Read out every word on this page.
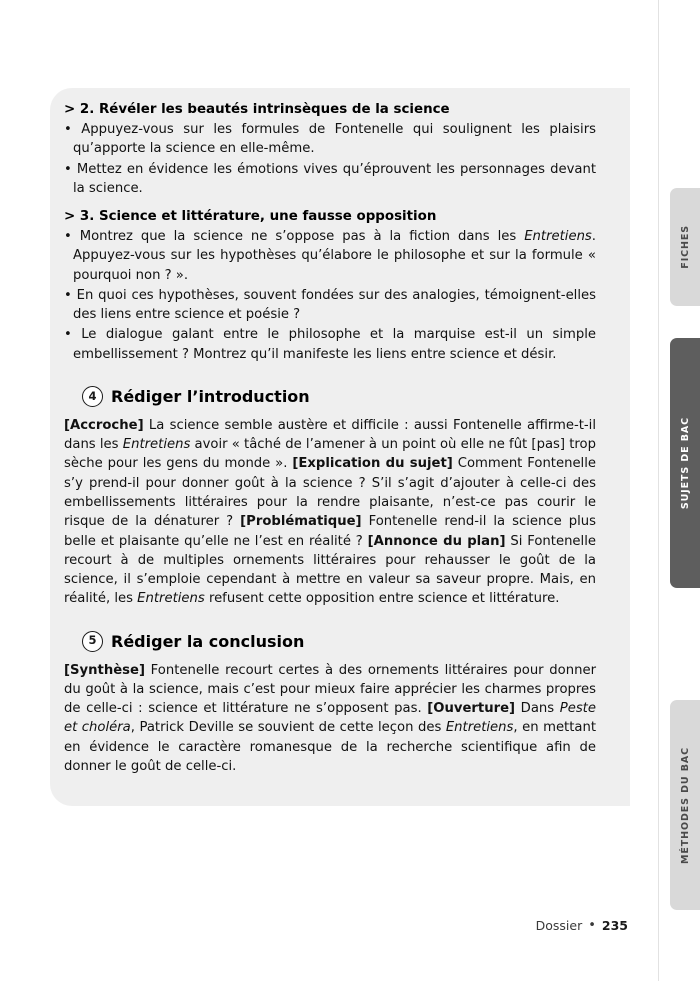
> 2. Révéler les beautés intrinsèques de la science

• Appuyez-vous sur les formules de Fontenelle qui soulignent les plaisirs qu’apporte la science en elle-même.

• Mettez en évidence les émotions vives qu’éprouvent les personnages devant la science.

> 3. Science et littérature, une fausse opposition

• Montrez que la science ne s’oppose pas à la fiction dans les Entretiens. Appuyez-vous sur les hypothèses qu’élabore le philosophe et sur la formule « pourquoi non ? ».

• En quoi ces hypothèses, souvent fondées sur des analogies, témoignent-elles des liens entre science et poésie ?

• Le dialogue galant entre le philosophe et la marquise est-il un simple embellissement ? Montrez qu’il manifeste les liens entre science et désir.

4 Rédiger l’introduction

[Accroche] La science semble austère et difficile : aussi Fontenelle affirme-t-il dans les Entretiens avoir « tâché de l’amener à un point où elle ne fût [pas] trop sèche pour les gens du monde ». [Explication du sujet] Comment Fontenelle s’y prend-il pour donner goût à la science ? S’il s’agit d’ajouter à celle-ci des embellissements littéraires pour la rendre plaisante, n’est-ce pas courir le risque de la dénaturer ? [Problématique] Fontenelle rend-il la science plus belle et plaisante qu’elle ne l’est en réalité ? [Annonce du plan] Si Fontenelle recourt à de multiples ornements littéraires pour rehausser le goût de la science, il s’emploie cependant à mettre en valeur sa saveur propre. Mais, en réalité, les Entretiens refusent cette opposition entre science et littérature.

5 Rédiger la conclusion

[Synthèse] Fontenelle recourt certes à des ornements littéraires pour donner du goût à la science, mais c’est pour mieux faire apprécier les charmes propres de celle-ci : science et littérature ne s’opposent pas. [Ouverture] Dans Peste et choléra, Patrick Deville se souvient de cette leçon des Entretiens, en mettant en évidence le caractère romanesque de la recherche scientifique afin de donner le goût de celle-ci.

FICHES
SUJETS DE BAC
MÉTHODES DU BAC
Dossier • 235
